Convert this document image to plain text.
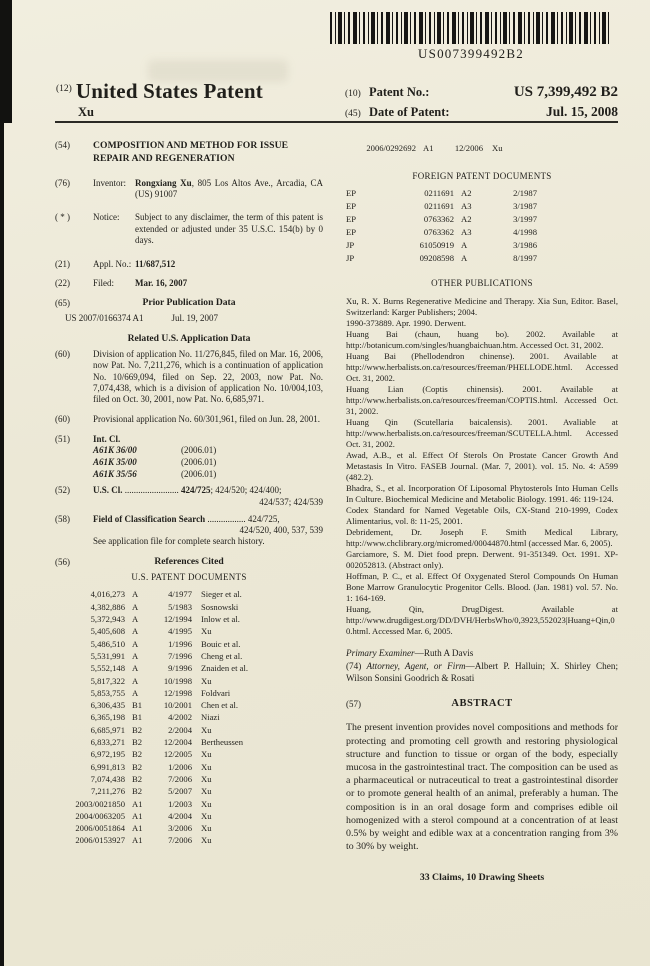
US007399492B2
$^{(12)}$ United States Patent
Xu
(10) Patent No.:	US 7,399,492 B2
(45) Date of Patent:	Jul. 15, 2008
(54)	COMPOSITION AND METHOD FOR ISSUE REPAIR AND REGENERATION
(76)	Inventor:	Rongxiang Xu, 805 Los Altos Ave., Arcadia, CA (US) 91007
( * )	Notice:	Subject to any disclaimer, the term of this patent is extended or adjusted under 35 U.S.C. 154(b) by 0 days.
(21)	Appl. No.: 11/687,512
(22)	Filed:	Mar. 16, 2007
(65)	Prior Publication Data
US 2007/0166374 A1	Jul. 19, 2007
Related U.S. Application Data
(60)	Division of application No. 11/276,845, filed on Mar. 16, 2006, now Pat. No. 7,211,276, which is a continuation of application No. 10/669,094, filed on Sep. 22, 2003, now Pat. No. 7,074,438, which is a division of application No. 10/004,103, filed on Oct. 30, 2001, now Pat. No. 6,685,971.
(60)	Provisional application No. 60/301,961, filed on Jun. 28, 2001.
(51)	Int. Cl.
A61K 36/00	(2006.01)
A61K 35/00	(2006.01)
A61K 35/56	(2006.01)
(52)	U.S. Cl. ........................ 424/725; 424/520; 424/400;
424/537; 424/539
(58)	Field of Classification Search ................. 424/725,
424/520, 400, 537, 539
See application file for complete search history.
(56)	References Cited
U.S. PATENT DOCUMENTS
4,016,273 A	4/1977 Sieger et al.
4,382,886 A	5/1983 Sosnowski
5,372,943 A	12/1994 Inlow et al.
5,405,608 A	4/1995 Xu
5,486,510 A	1/1996 Bouic et al.
5,531,991 A	7/1996 Cheng et al.
5,552,148 A	9/1996 Znaiden et al.
5,817,322 A	10/1998 Xu
5,853,755 A	12/1998 Foldvari
6,306,435 B1	10/2001 Chen et al.
6,365,198 B1	4/2002 Niazi
6,685,971 B2	2/2004 Xu
6,833,271 B2	12/2004 Bertheussen
6,972,195 B2	12/2005 Xu
6,991,813 B2	1/2006 Xu
7,074,438 B2	7/2006 Xu
7,211,276 B2	5/2007 Xu
2003/0021850 A1	1/2003 Xu
2004/0063205 A1	4/2004 Xu
2006/0051864 A1	3/2006 Xu
2006/0153927 A1	7/2006 Xu
2006/0292692 A1	12/2006 Xu
FOREIGN PATENT DOCUMENTS
EP	0211691 A2	2/1987
EP	0211691 A3	3/1987
EP	0763362 A2	3/1997
EP	0763362 A3	4/1998
JP	61050919 A	3/1986
JP	09208598 A	8/1997
OTHER PUBLICATIONS

Xu, R. X. Burns Regenerative Medicine and Therapy. Xia Sun, Editor. Basel, Switzerland: Karger Publishers; 2004.

1990-373889. Apr. 1990. Derwent.

Huang Bai (chaun, huang bo). 2002. Available at http://botanicum.com/singles/huangbaichuan.htm. Accessed Oct. 31, 2002.

Huang Bai (Phellodendron chinense). 2001. Available at http://www.herbalists.on.ca/resources/freeman/PHELLODE.html. Accessed Oct. 31, 2002.

Huang Lian (Coptis chinensis). 2001. Available at http://www.herbalists.on.ca/resources/freeman/COPTIS.html. Accessed Oct. 31, 2002.

Huang Qin (Scutellaria baicalensis). 2001. Avaliable at http://www.herbalists.on.ca/resources/freeman/SCUTELLA.html. Accessed Oct. 31, 2002.

Awad, A.B., et al. Effect Of Sterols On Prostate Cancer Growth And Metastasis In Vitro. FASEB Journal. (Mar. 7, 2001). vol. 15. No. 4: A599 (482.2).

Bhadra, S., et al. Incorporation Of Liposomal Phytosterols Into Human Cells In Culture. Biochemical Medicine and Metabolic Biology. 1991. 46: 119-124.

Codex Standard for Named Vegetable Oils, CX-Stand 210-1999, Codex Alimentarius, vol. 8: 11-25, 2001.

Debridement, Dr. Joseph F. Smith Medical Library, http://www.chclibrary.org/micromed/00044870.html (accessed Mar. 6, 2005).

Garciamore, S. M. Diet food prepn. Derwent. 91-351349. Oct. 1991. XP-002052813. (Abstract only).

Hoffman, P. C., et al. Effect Of Oxygenated Sterol Compounds On Human Bone Marrow Granulocytic Progenitor Cells. Blood. (Jan. 1981) vol. 57. No. 1: 164-169.

Huang, Qin, DrugDigest. Available at http://www.drugdigest.org/DD/DVH/HerbsWho/0,3923,552023|Huang+Qin,00.html. Accessed Mar. 6, 2005.

Primary Examiner—Ruth A Davis
(74) Attorney, Agent, or Firm—Albert P. Halluin; X. Shirley Chen; Wilson Sonsini Goodrich & Rosati
(57)	ABSTRACT
The present invention provides novel compositions and methods for protecting and promoting cell growth and restoring physiological structure and function to tissue or organ of the body, especially mucosa in the gastrointestinal tract. The composition can be used as a pharmaceutical or nutraceutical to treat a gastrointestinal disorder or to promote general health of an animal, preferably a human. The composition is in an oral dosage form and comprises edible oil homogenized with a sterol compound at a concentration of at least 0.5% by weight and edible wax at a concentration ranging from 3% to 30% by weight.
33 Claims, 10 Drawing Sheets
